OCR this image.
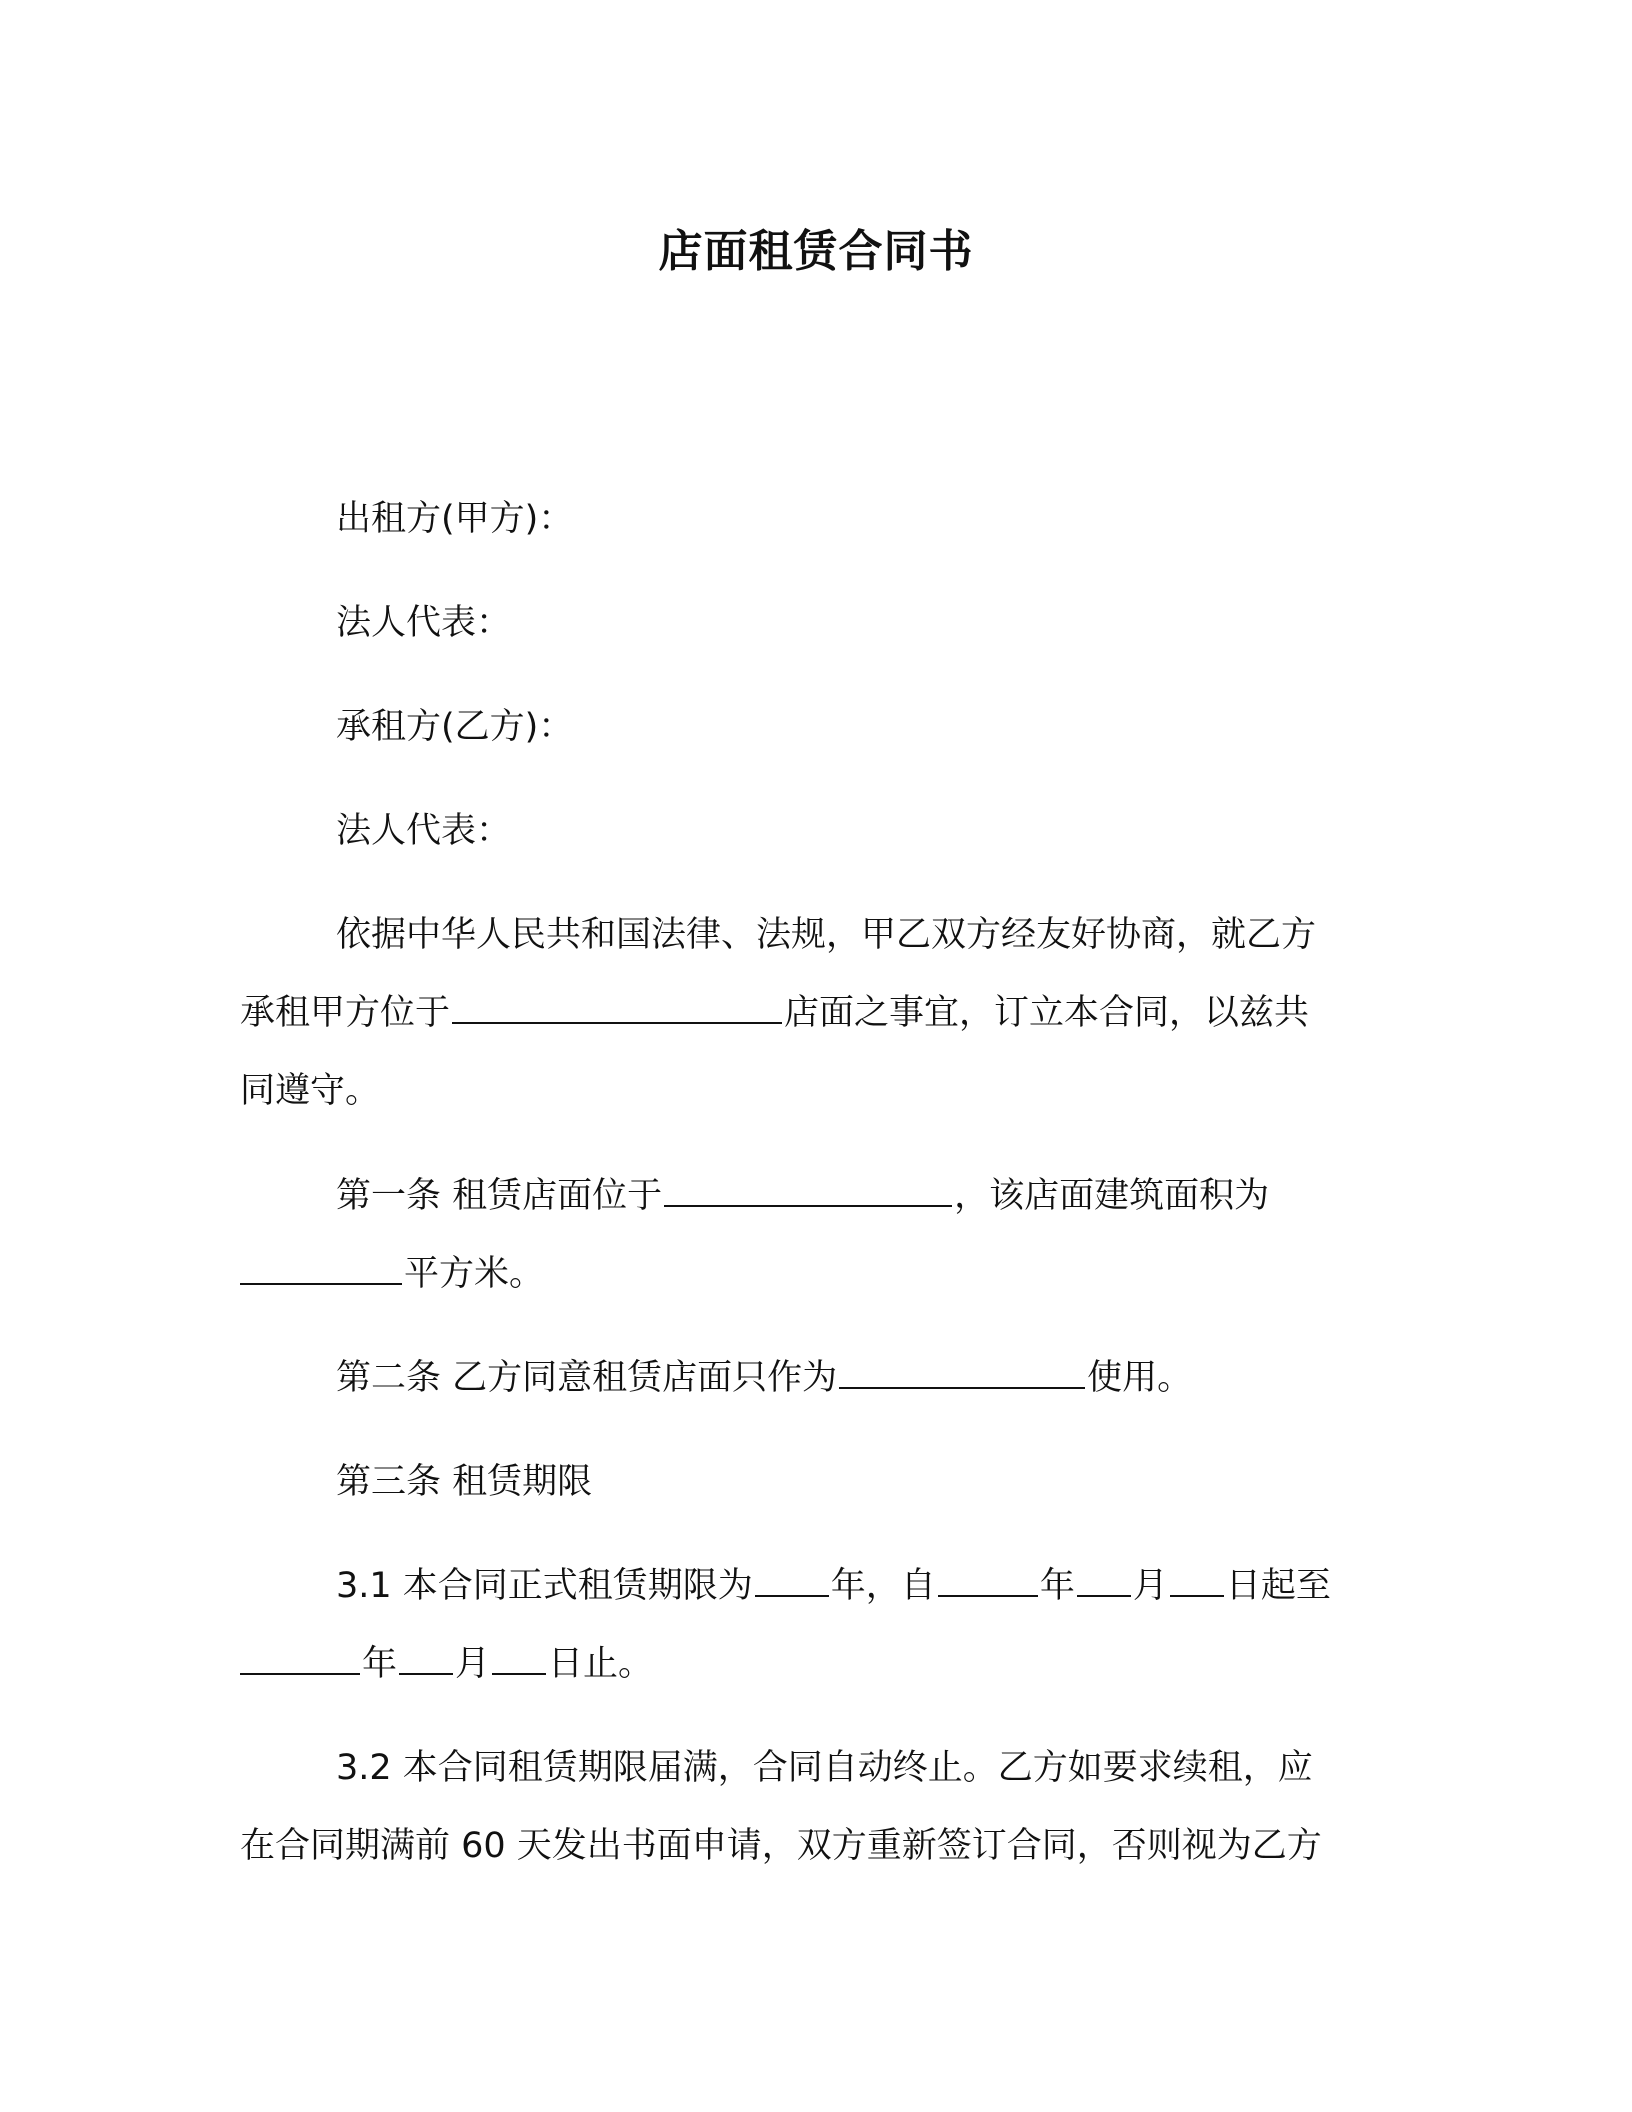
店面租赁合同书
出租方(甲方)：
法人代表：
承租方(乙方)：
法人代表：
依据中华人民共和国法律、法规，甲乙双方经友好协商，就乙方
承租甲方位于	店面之事宜，订立本合同，以兹共
同遵守。
第一条 租赁店面位于	，该店面建筑面积为
平方米。
第二条 乙方同意租赁店面只作为	使用。
第三条 租赁期限
3.1 本合同正式租赁期限为 年，自	年 月 日起至
年 月 日止。
3.2 本合同租赁期限届满，合同自动终止。乙方如要求续租，应
在合同期满前 60 天发出书面申请，双方重新签订合同，否则视为乙方
